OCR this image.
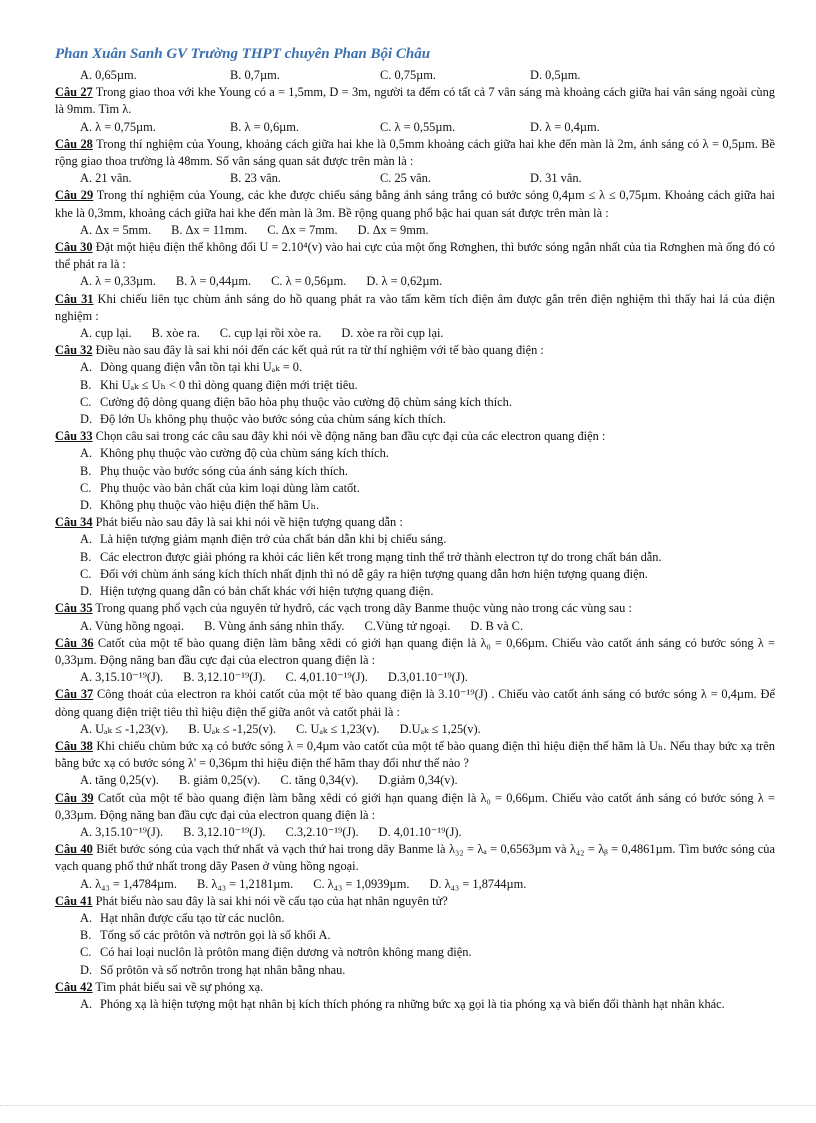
Phan Xuân Sanh GV Trường THPT chuyên Phan Bội Châu
A. 0,65µm.	B. 0,7µm.	C. 0,75µm.	D. 0,5µm.
Câu 27 Trong giao thoa với khe Young có a = 1,5mm, D = 3m, người ta đếm có tất cả 7 vân sáng mà khoảng cách giữa hai vân sáng ngoài cùng là 9mm. Tìm λ.
A. λ = 0,75µm.	B. λ = 0,6µm.	C. λ = 0,55µm.	D. λ = 0,4µm.
Câu 28 Trong thí nghiệm của Young, khoảng cách giữa hai khe là 0,5mm khoảng cách giữa hai khe đến màn là 2m, ánh sáng có λ = 0,5µm. Bề rộng giao thoa trường là 48mm. Số vân sáng quan sát được trên màn là :
A. 21 vân.	B. 23 vân.	C. 25 vân.	D. 31 vân.
Câu 29 Trong thí nghiệm của Young, các khe được chiếu sáng bằng ánh sáng trắng có bước sóng 0,4µm ≤ λ ≤ 0,75µm. Khoảng cách giữa hai khe là 0,3mm, khoảng cách giữa hai khe đến màn là 3m. Bề rộng quang phổ bậc hai quan sát được trên màn là :
A. Δx = 5mm. B. Δx = 11mm. C. Δx = 7mm. D. Δx = 9mm.
Câu 30 Đặt một hiệu điện thế không đổi U = 2.10⁴(v) vào hai cực của một ống Rơnghen, thì bước sóng ngắn nhất của tia Rơnghen mà ống đó có thể phát ra là :
A. λ = 0,33µm. B. λ = 0,44µm. C. λ = 0,56µm. D. λ = 0,62µm.
Câu 31 Khi chiếu liên tục chùm ánh sáng do hồ quang phát ra vào tấm kẽm tích điện âm được gắn trên điện nghiệm thì thấy hai lá của điện nghiệm :
A. cụp lại. B. xòe ra. C. cụp lại rồi xòe ra. D. xòe ra rồi cụp lại.
Câu 32 Điều nào sau đây là sai khi nói đến các kết quả rút ra từ thí nghiệm với tế bào quang điện :
A. Dòng quang điện vẫn tồn tại khi Uₐₖ = 0.
B. Khi Uₐₖ ≤ Uₕ < 0 thì dòng quang điện mới triệt tiêu.
C. Cường độ dòng quang điện bão hòa phụ thuộc vào cường độ chùm sáng kích thích.
D. Độ lớn Uₕ không phụ thuộc vào bước sóng của chùm sáng kích thích.
Câu 33 Chọn câu sai trong các câu sau đây khi nói về động năng ban đầu cực đại của các electron quang điện :
A. Không phụ thuộc vào cường độ của chùm sáng kích thích.
B. Phụ thuộc vào bước sóng của ánh sáng kích thích.
C. Phụ thuộc vào bản chất của kim loại dùng làm catốt.
D. Không phụ thuộc vào hiệu điện thế hãm Uₕ.
Câu 34 Phát biểu nào sau đây là sai khi nói về hiện tượng quang dẫn :
A. Là hiện tượng giảm mạnh điện trở của chất bán dẫn khi bị chiếu sáng.
B. Các electron được giải phóng ra khỏi các liên kết trong mạng tinh thể trở thành electron tự do trong chất bán dẫn.
C. Đối với chùm ánh sáng kích thích nhất định thì nó dễ gây ra hiện tượng quang dẫn hơn hiện tượng quang điện.
D. Hiện tượng quang dẫn có bản chất khác với hiện tượng quang điện.
Câu 35 Trong quang phổ vạch của nguyên tử hyđrô, các vạch trong dãy Banme thuộc vùng nào trong các vùng sau :
A. Vùng hồng ngoại. B. Vùng ánh sáng nhìn thấy. C.Vùng tử ngoại. D. B và C.
Câu 36 Catốt của một tế bào quang điện làm bằng xêdi có giới hạn quang điện là λ₀ = 0,66µm. Chiếu vào catốt ánh sáng có bước sóng λ = 0,33µm. Động năng ban đầu cực đại của electron quang điện là :
A. 3,15.10⁻¹⁹(J). B. 3,12.10⁻¹⁹(J). C. 4,01.10⁻¹⁹(J). D.3,01.10⁻¹⁹(J).
Câu 37 Công thoát của electron ra khỏi catốt của một tế bào quang điện là 3.10⁻¹⁹(J) . Chiếu vào catốt ánh sáng có bước sóng λ = 0,4µm. Để dòng quang điện triệt tiêu thì hiệu điện thế giữa anôt và catốt phải là :
A. Uₐₖ ≤ -1,23(v). B. Uₐₖ ≤ -1,25(v). C. Uₐₖ ≤ 1,23(v). D.Uₐₖ ≤ 1,25(v).
Câu 38 Khi chiếu chùm bức xạ có bước sóng λ = 0,4µm vào catốt của một tế bào quang điện thì hiệu điện thế hãm là Uₕ. Nếu thay bức xạ trên bằng bức xạ có bước sóng λ' = 0,36µm thì hiệu điện thế hãm thay đổi như thế nào ?
A. tăng 0,25(v). B. giảm 0,25(v). C. tăng 0,34(v). D.giảm 0,34(v).
Câu 39 Catốt của một tế bào quang điện làm bằng xêdi có giới hạn quang điện là λ₀ = 0,66µm. Chiếu vào catốt ánh sáng có bước sóng λ = 0,33µm. Động năng ban đầu cực đại của electron quang điện là :
A. 3,15.10⁻¹⁹(J). B. 3,12.10⁻¹⁹(J). C.3,2.10⁻¹⁹(J). D. 4,01.10⁻¹⁹(J).
Câu 40 Biết bước sóng của vạch thứ nhất và vạch thứ hai trong dãy Banme là λ₃₂ = λₐ = 0,6563µm và λ₄₂ = λᵦ = 0,4861µm. Tìm bước sóng của vạch quang phổ thứ nhất trong dãy Pasen ở vùng hồng ngoại.
A. λ₄₃ = 1,4784µm. B. λ₄₃ = 1,2181µm. C. λ₄₃ = 1,0939µm. D. λ₄₃ = 1,8744µm.
Câu 41 Phát biểu nào sau đây là sai khi nói về cấu tạo của hạt nhân nguyên tử?
A. Hạt nhân được cấu tạo từ các nuclôn.
B. Tổng số các prôtôn và nơtrôn gọi là số khối A.
C. Có hai loại nuclôn là prôtôn mang điện dương và nơtrôn không mang điện.
D. Số prôtôn và số nơtrôn trong hạt nhân bằng nhau.
Câu 42 Tìm phát biểu sai về sự phóng xạ.
A. Phóng xạ là hiện tượng một hạt nhân bị kích thích phóng ra những bức xạ gọi là tia phóng xạ và biến đổi thành hạt nhân khác.
